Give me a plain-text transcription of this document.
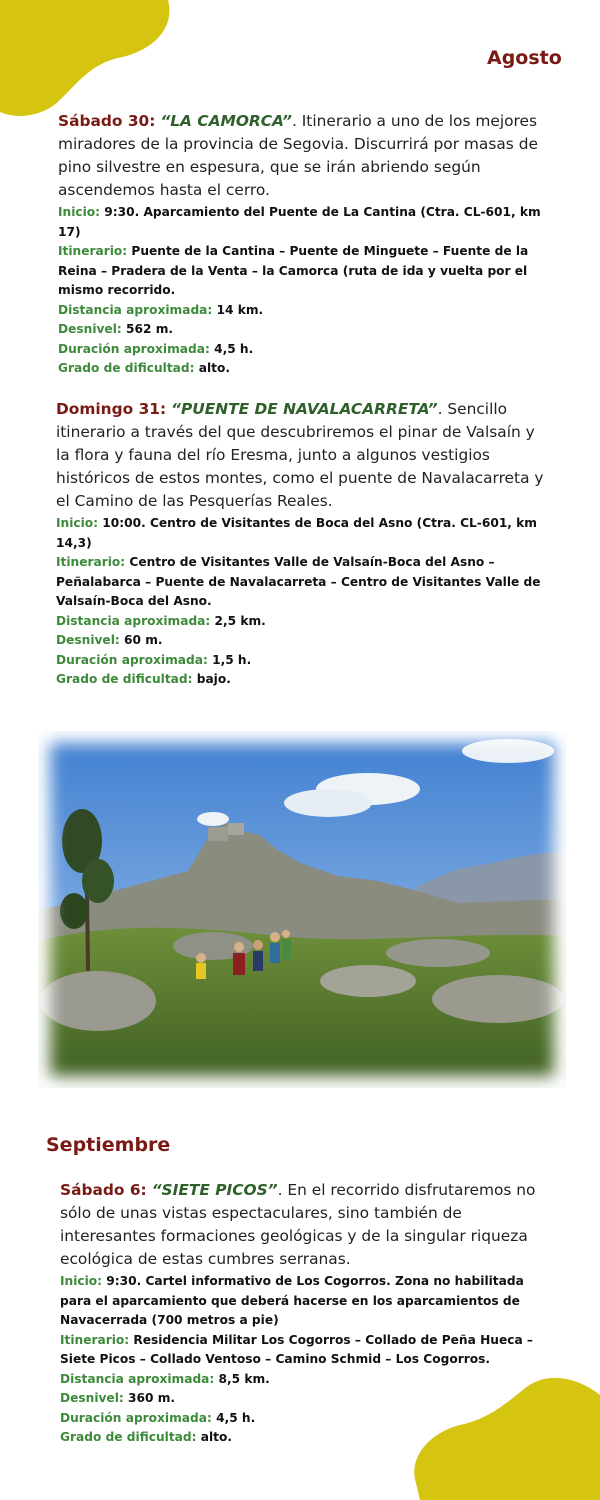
Agosto

Sábado 30: “LA CAMORCA”. Itinerario a uno de los mejores miradores de la provincia de Segovia. Discurrirá por masas de pino silvestre en espesura, que se irán abriendo según ascendemos hasta el cerro.

Inicio: 9:30. Aparcamiento del Puente de La Cantina (Ctra. CL-601, km 17)

Itinerario: Puente de la Cantina – Puente de Minguete – Fuente de la Reina – Pradera de la Venta – la Camorca (ruta de ida y vuelta por el mismo recorrido.

Distancia aproximada: 14 km.

Desnivel: 562 m.

Duración aproximada: 4,5 h.

Grado de dificultad: alto.

Domingo 31: “PUENTE DE NAVALACARRETA”. Sencillo itinerario a través del que descubriremos el pinar de Valsaín y la flora y fauna del río Eresma, junto a algunos vestigios históricos de estos montes, como el puente de Navalacarreta y el Camino de las Pesquerías Reales.

Inicio: 10:00. Centro de Visitantes de Boca del Asno (Ctra. CL-601, km 14,3)

Itinerario: Centro de Visitantes Valle de Valsaín-Boca del Asno – Peñalabarca – Puente de Navalacarreta – Centro de Visitantes Valle de Valsaín-Boca del Asno.

Distancia aproximada: 2,5 km.

Desnivel: 60 m.

Duración aproximada: 1,5 h.

Grado de dificultad: bajo.

Septiembre

Sábado 6: “SIETE PICOS”. En el recorrido disfrutaremos no sólo de unas vistas espectaculares, sino también de interesantes formaciones geológicas y de la singular riqueza ecológica de estas cumbres serranas.

Inicio: 9:30. Cartel informativo de Los Cogorros. Zona no habilitada para el aparcamiento que deberá hacerse en los aparcamientos de Navacerrada (700 metros a pie)

Itinerario: Residencia Militar Los Cogorros – Collado de Peña Hueca –Siete Picos – Collado Ventoso – Camino Schmid – Los Cogorros.

Distancia aproximada: 8,5 km.

Desnivel: 360 m.

Duración aproximada: 4,5 h.

Grado de dificultad: alto.
